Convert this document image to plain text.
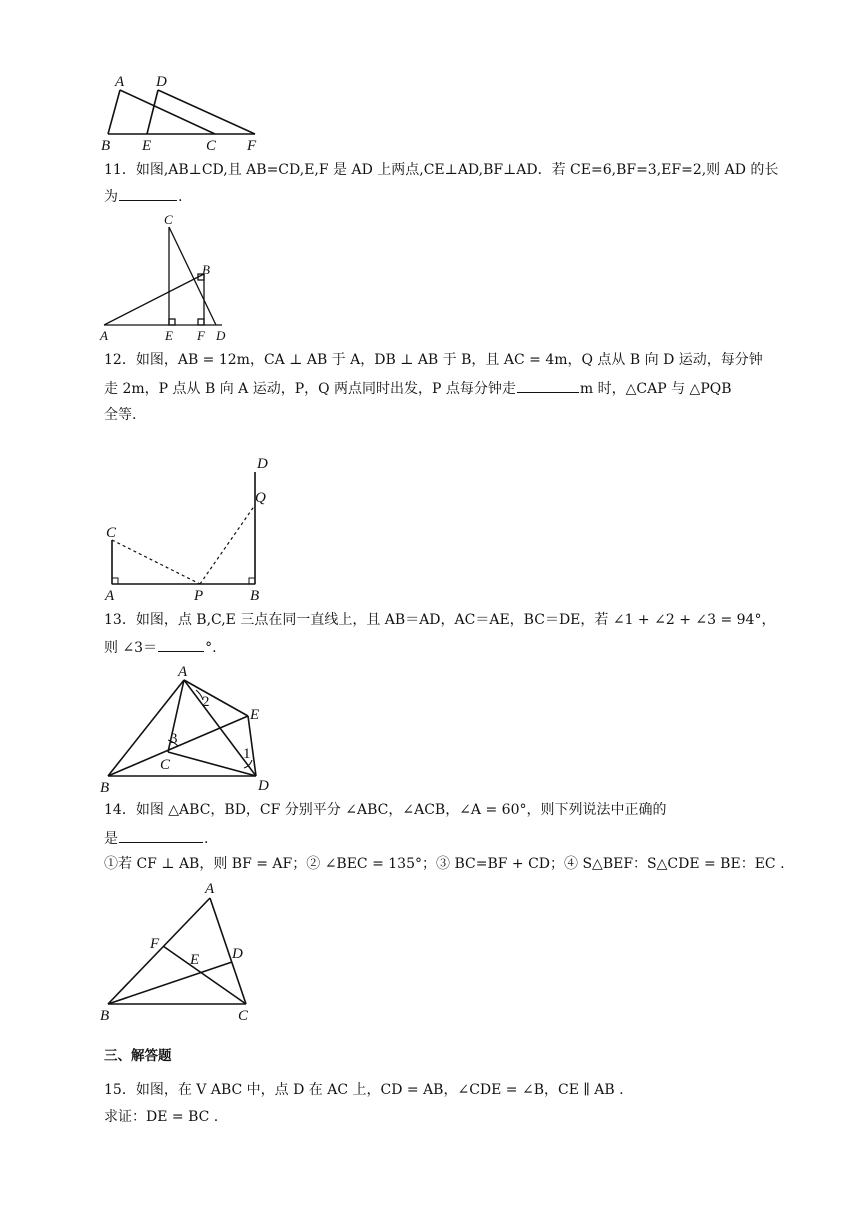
A D
B E	C F
11．如图,AB⊥CD,且 AB=CD,E,F 是 AD 上两点,CE⊥AD,BF⊥AD．若 CE=6,BF=3,EF=2,则 AD 的长
为	.
C
B
A	E F D
12．如图，AB = 12m，CA ⊥ AB 于 A，DB ⊥ AB 于 B，且 AC = 4m，Q 点从 B 向 D 运动，每分钟
走 2m，P 点从 B 向 A 运动，P，Q 两点同时出发，P 点每分钟走	m 时，△CAP 与 △PQB
全等.
D
Q
C
A	P	B
13．如图，点 B,C,E 三点在同一直线上，且 AB＝AD，AC＝AE，BC＝DE，若 ∠1 + ∠2 + ∠3 = 94°，
则 ∠3＝	°.
A
E
B
C
D
1
2
3
14．如图 △ABC，BD，CF 分别平分 ∠ABC，∠ACB，∠A = 60°，则下列说法中正确的
是	.
①若 CF ⊥ AB，则 BF = AF；② ∠BEC = 135°；③ BC=BF + CD；④ S△BEF：S△CDE = BE：EC .
A
F
E D
B	C
三、解答题
15．如图，在 V ABC 中，点 D 在 AC 上，CD = AB，∠CDE = ∠B，CE ∥ AB .
求证：DE = BC .
